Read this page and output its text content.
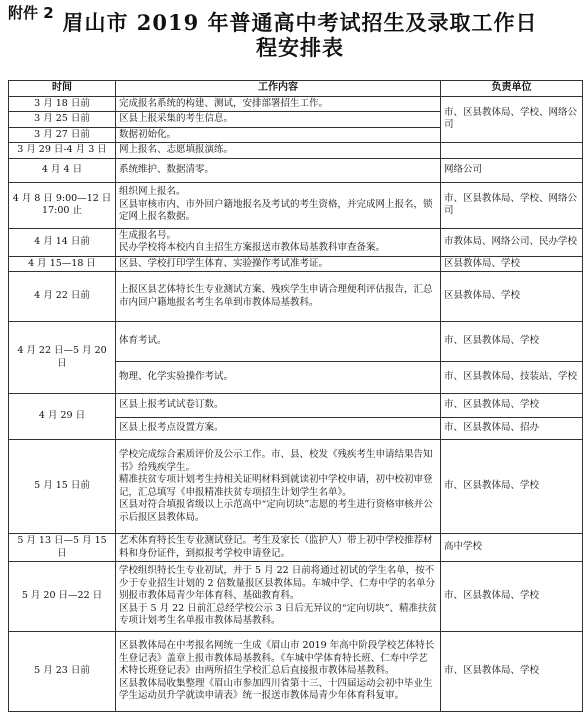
附件 2 眉山市 2019 年普通高中考试招生及录取工作日
程安排表
时间	工作内容	负责单位
3 月 18 日前	完成报名系统的构建、测试，安排部署招生工作。	市、区县教体局、学校、网络公司
3 月 25 日前	区县上报采集的考生信息。	

3 月 27 日前	数据初始化。	

3 月 29 日-4 月 3 日	网上报名、志愿填报演练。	

4 月 4 日	系统维护、数据清零。	网络公司
4 月 8 日 9:00—12 日 17:00 止	组织网上报名。
区县审核市内、市外回户籍地报名及考试的考生资格，并完成网上报名，锁定网上报名数据。	市、区县教体局、学校、网络公司
4 月 14 日前	生成报名号。
民办学校将本校内自主招生方案报送市教体局基教科审查备案。	市教体局、网络公司、民办学校
4 月 15—18 日	区县、学校打印学生体育、实验操作考试准考证。	区县教体局、学校
4 月 22 日前	上报区县艺体特长生专业测试方案、残疾学生申请合理便利评估报告，汇总市内回户籍地报名考生名单到市教体局基教科。	区县教体局、学校
4 月 22 日—5 月 20 日	体育考试。	市、区县教体局、学校

	物理、化学实验操作考试。	市、区县教体局、技装站、学校
4 月 29 日	区县上报考试试卷订数。	市、区县教体局、学校

	区县上报考点设置方案。	市、区县教体局、招办
5 月 15 日前	学校完成综合素质评价及公示工作。市、县、校发《残疾考生申请结果告知书》给残疾学生。
精准扶贫专项计划考生持相关证明材料到就读初中学校申请，初中校初审登记，汇总填写《申报精准扶贫专项招生计划学生名单》。
区县对符合填报省级以上示范高中“定向切块”志愿的考生进行资格审核并公示后报区县教体局。	市、区县教体局、学校
5 月 13 日—5 月 15 日	艺术体育特长生专业测试登记。考生及家长（监护人）带上初中学校推荐材料和身份证件，到拟报考学校申请登记。	高中学校
5 月 20 日—22 日	学校组织特长生专业初试，并于 5 月 22 日前将通过初试的学生名单，按不少于专业招生计划的 2 倍数量报区县教体局。车城中学、仁寿中学的名单分别报市教体局青少年体育科、基础教育科。
区县于 5 月 22 日前汇总经学校公示 3 日后无异议的“定向切块”、精准扶贫专项计划考生名单报市教体局基教科。	市、区县教体局、学校
5 月 23 日前	区县教体局在中考报名网统一生成《眉山市 2019 年高中阶段学校艺体特长生登记表》盖章上报市教体局基教科。《车城中学体育特长班、仁寿中学艺术特长班登记表》由两所招生学校汇总后直接报市教体局基教科。
区县教体局收集整理《眉山市参加四川省第十三、十四届运动会初中毕业生学生运动员升学就读申请表》统一报送市教体局青少年体育科复审。	市、区县教体局、学校
